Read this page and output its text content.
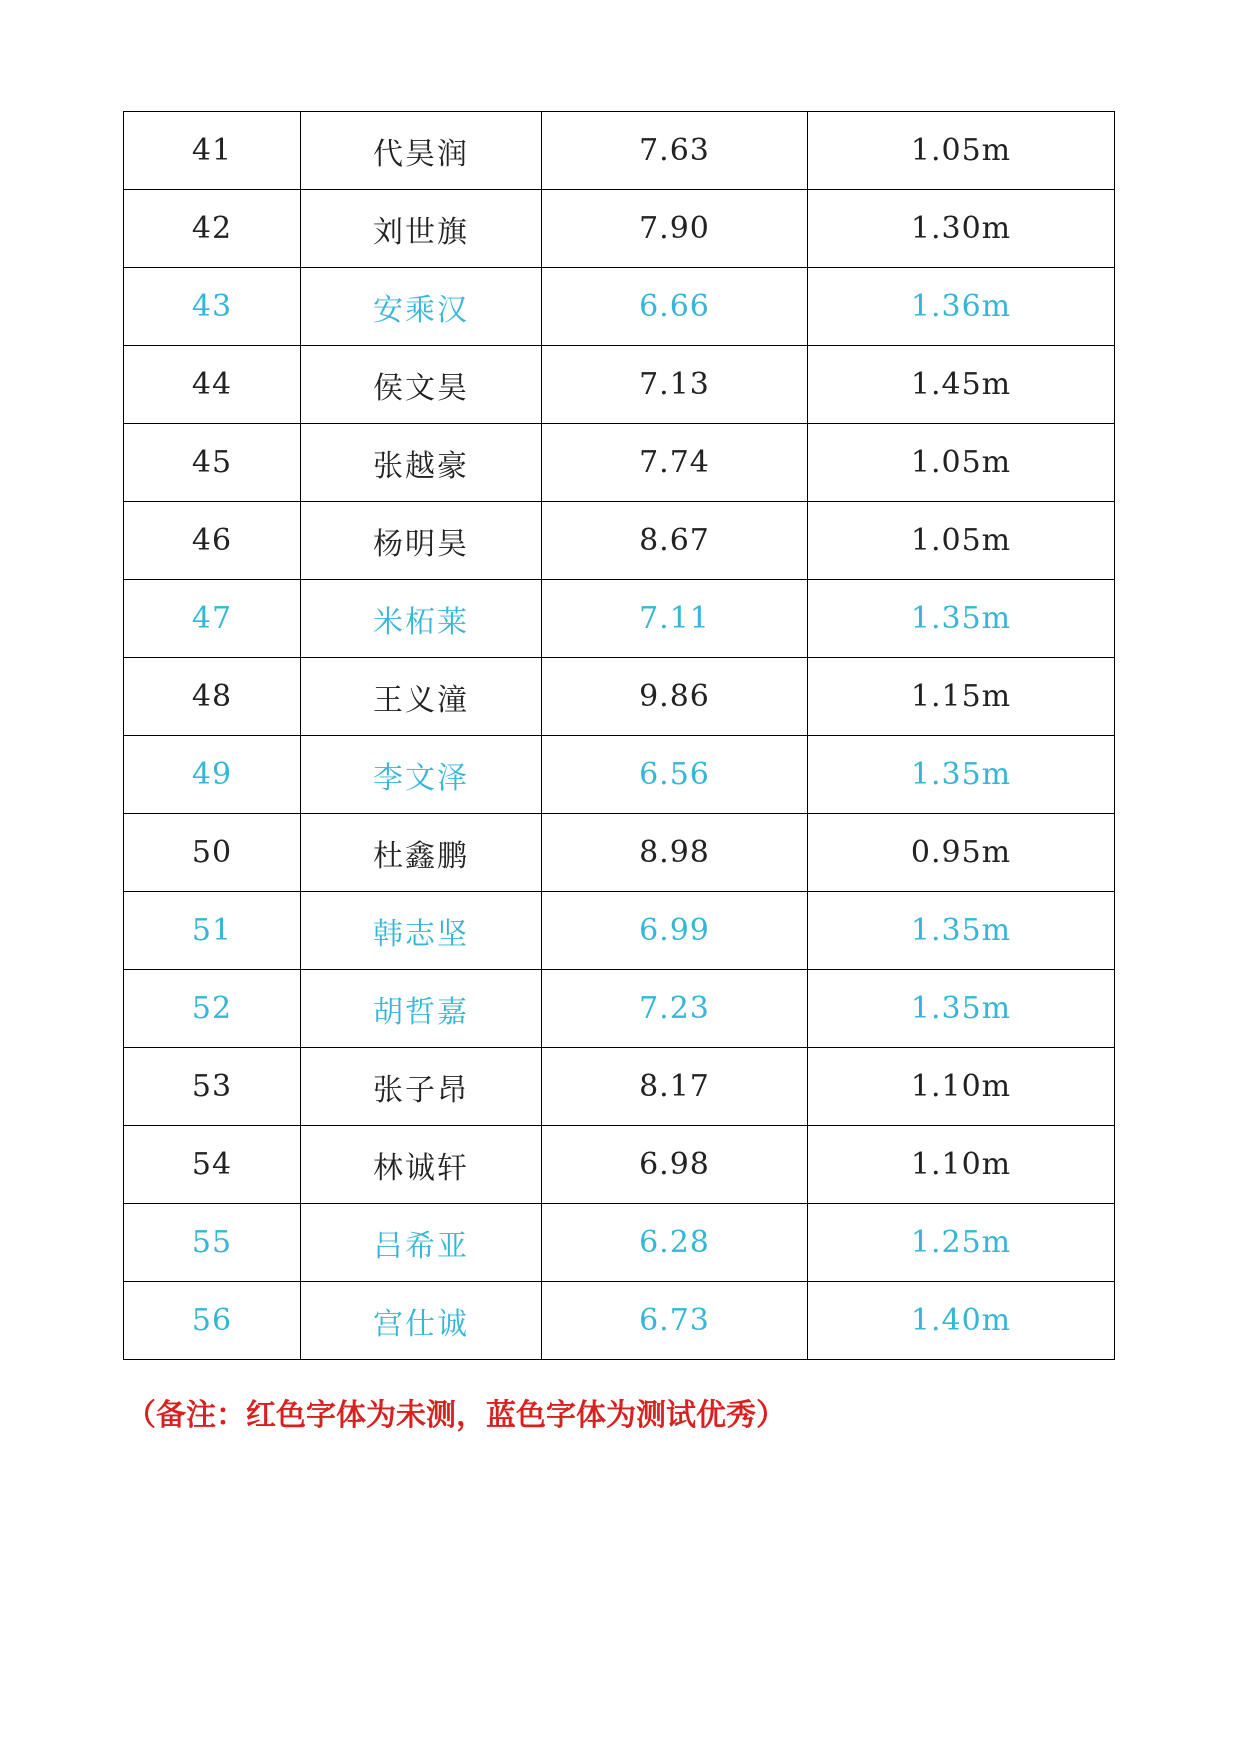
41	代昊润	7.63	1.05m
42	刘世旗	7.90	1.30m
43	安乘汉	6.66	1.36m
44	侯文昊	7.13	1.45m
45	张越豪	7.74	1.05m
46	杨明昊	8.67	1.05m
47	米柘莱	7.11	1.35m
48	王义潼	9.86	1.15m
49	李文泽	6.56	1.35m
50	杜鑫鹏	8.98	0.95m
51	韩志坚	6.99	1.35m
52	胡哲嘉	7.23	1.35m
53	张子昂	8.17	1.10m
54	林诚轩	6.98	1.10m
55	吕希亚	6.28	1.25m
56	宫仕诚	6.73	1.40m
（备注：红色字体为未测，蓝色字体为测试优秀）
